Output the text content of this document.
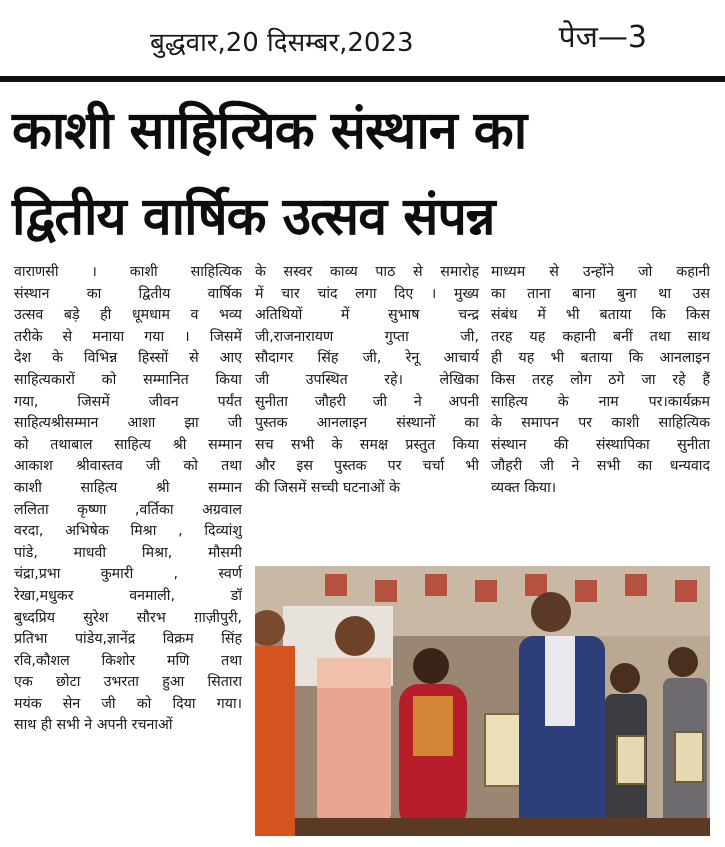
बुद्धवार,20 दिसम्बर,2023	पेज—3
काशी साहित्यिक संस्थान का
द्वितीय वार्षिक उत्सव संपन्न
वाराणसी । काशी साहित्यिक
संस्थान का द्वितीय वार्षिक
उत्सव बड़े ही धूमधाम व भव्य
तरीके से मनाया गया । जिसमें
देश के विभिन्न हिस्सों से आए
साहित्यकारों को सम्मानित किया
गया, जिसमें जीवन पर्यंत
साहित्यश्रीसम्मान आशा झा जी
को तथाबाल साहित्य श्री सम्मान
आकाश श्रीवास्तव जी को तथा
काशी साहित्य श्री सम्मान
ललिता कृष्णा ,वर्तिका अग्रवाल
वरदा, अभिषेक मिश्रा , दिव्यांशु
पांडे, माधवी मिश्रा, मौसमी
चंद्रा,प्रभा कुमारी , स्वर्ण
रेखा,मधुकर वनमाली, डॉ
बुध्दप्रिय सुरेश सौरभ ग़ाज़ीपुरी,
प्रतिभा पांडेय,ज्ञानेंद्र विक्रम सिंह
रवि,कौशल किशोर मणि तथा
एक छोटा उभरता हुआ सितारा
मयंक सेन जी को दिया गया।
साथ ही सभी ने अपनी रचनाओं
के सस्वर काव्य पाठ से समारोह
में चार चांद लगा दिए । मुख्य
अतिथियों में सुभाष चन्द्र
जी,राजनारायण गुप्ता जी,
सौदागर सिंह जी, रेनू आचार्य
जी उपस्थित रहे। लेखिका
सुनीता जौहरी जी ने अपनी
पुस्तक आनलाइन संस्थानों का
सच सभी के समक्ष प्रस्तुत किया
और इस पुस्तक पर चर्चा भी
की जिसमें सच्ची घटनाओं के
माध्यम से उन्होंने जो कहानी
का ताना बाना बुना था उस
संबंध में भी बताया कि किस
तरह यह कहानी बनीं तथा साथ
ही यह भी बताया कि आनलाइन
किस तरह लोग ठगे जा रहे हैं
साहित्य के नाम पर।कार्यक्रम
के समापन पर काशी साहित्यिक
संस्थान की संस्थापिका सुनीता
जौहरी जी ने सभी का धन्यवाद
व्यक्त किया।
